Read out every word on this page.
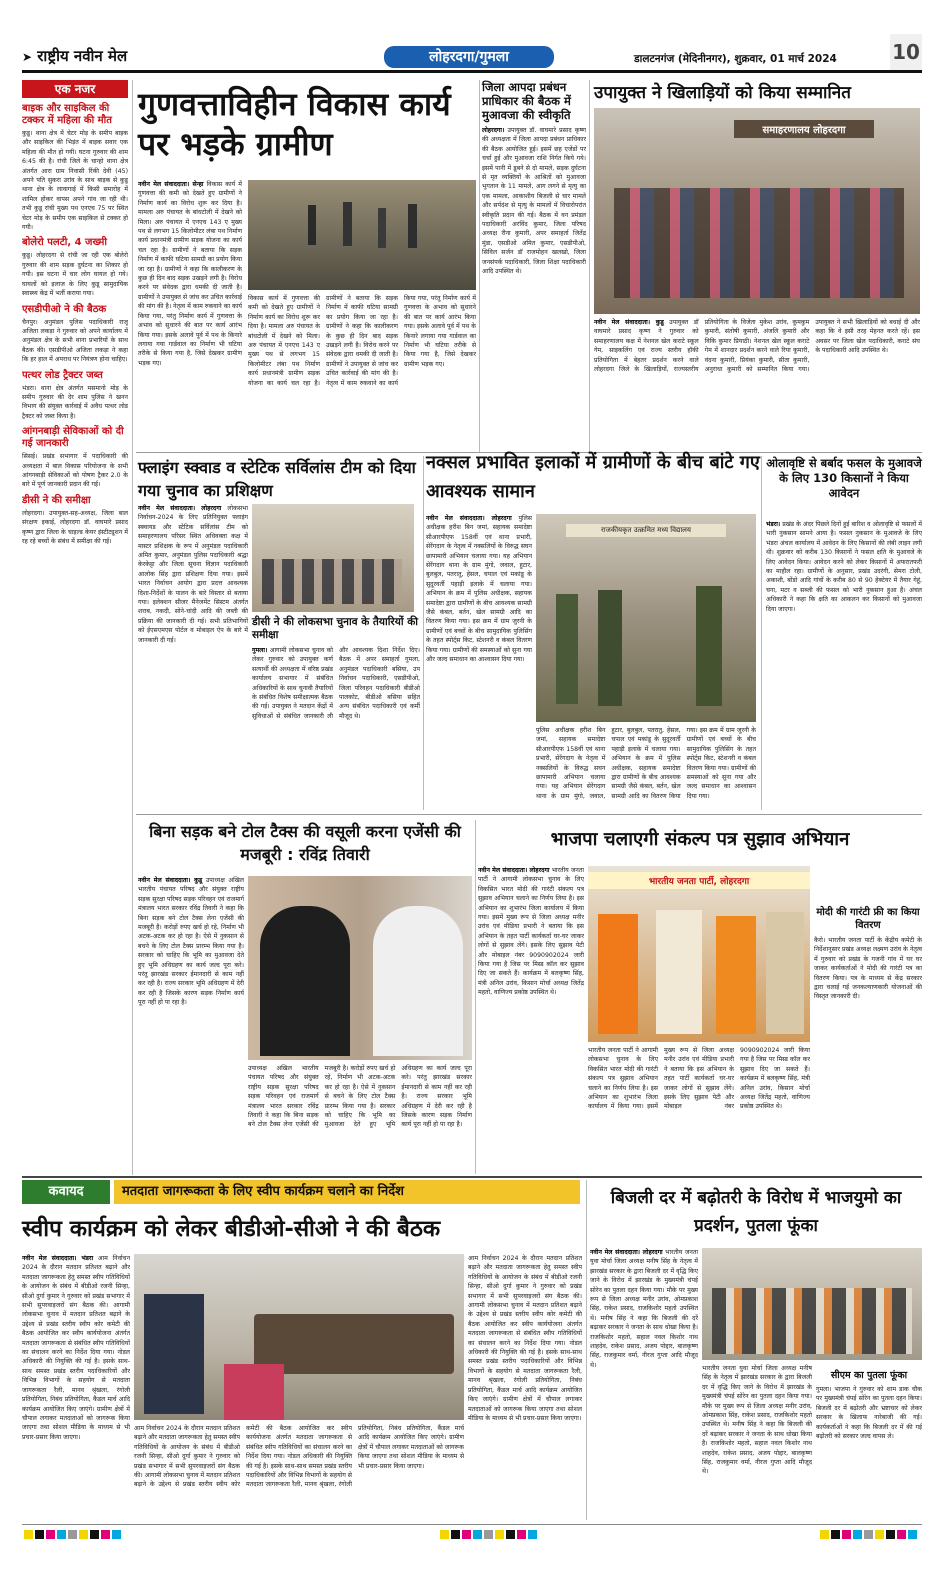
➤ राष्ट्रीय नवीन मेल	लोहरदगा/गुमला	डालटनगंज (मेदिनीनगर), शुक्रवार, 01 मार्च 2024	10
एक नजर
बाइक और साइकिल की टक्कर में महिला की मौत
कुडू। थाना क्षेत्र में चेटर मोड़ के समीप बाइक और साइकिल की भिड़ंत में बाइक सवार एक महिला की मौत हो गयी। घटना गुरुवार की शाम 6:45 की है। रांची जिले के चान्हो थाना क्षेत्र अंतर्गत आरा ग्राम निवासी रिंकी देवी (45) अपने पति सुकरा उरांव के साथ बाइक से कुडू थाना क्षेत्र के लावागाई में किसी समारोह में शामिल होकर वापस अपने गांव जा रही थी। तभी कुडू रांची मुख्य पथ एनएच 75 पर स्थित चेटर मोड़ के समीप एक साइकिल से टक्कर हो गयी।
बोलेरो पलटी, 4 जख्मी
कुडू। लोहरदगा से रांची जा रही एक बोलेरो गुरुवार की शाम सड़क दुर्घटना का शिकार हो गयी। इस घटना में चार लोग घायल हो गये। घायलों को इलाज के लिए कुडू सामुदायिक स्वास्थ्य केंद्र में भर्ती कराया गया।
एसडीपीओ ने की बैठक
चैनपुर। अनुमंडल पुलिस पदाधिकारी राजू अजिता लकड़ा ने गुरुवार को अपने कार्यालय में अनुमंडल क्षेत्र के सभी थाना प्रभारियों के साथ बैठक की। एसडीपीओ अजिता लकड़ा ने कहा कि हर हाल में अपराध पर नियंत्रण होना चाहिए।
पत्थर लोड ट्रैक्टर जब्त
भंडरा। थाना क्षेत्र अंतर्गत मसमानो मोड़ के समीप गुरुवार की देर शाम पुलिस ने खनन विभाग की संयुक्त कार्रवाई में अवैध पत्थर लोड ट्रैक्टर को जब्त किया है।
आंगनबाड़ी सेविकाओं को दी गई जानकारी
सिसई। प्रखंड सभागार में पदाधिकारी की अध्यक्षता में बाल विकास परियोजना के सभी आंगनबाड़ी सेविकाओं को पोषण ट्रैकर 2.0 के बारे में पूर्ण जानकारी प्रदान की गई।
डीसी ने की समीक्षा
लोहरदगा। उपायुक्त-सह-अध्यक्ष, जिला बाल संरक्षण इकाई, लोहरदगा डॉ. वाघमारे प्रसाद कृष्ण द्वारा जिला के चाइल्ड केयर इंस्टीट्यूशन में रह रहे बच्चों के संबंध में समीक्षा की गई।
गुणवत्ताविहीन विकास कार्य पर भड़के ग्रामीण
नवीन मेल संवाददाता। सेन्हा विकास कार्य में गुणवत्ता की कमी को देखते हुए ग्रामीणों ने निर्माण कार्य का विरोध शुरू कर दिया है। मामला अरु पंचायत के बांधटोली में देखने को मिला। अरु पंचायत में एनएच 143 ए मुख्य पथ से लगभग 15 किलोमीटर लंबा पथ निर्माण कार्य प्रधानमंत्री ग्रामीण सड़क योजना का कार्य चल रहा है। ग्रामीणों ने बताया कि सड़क निर्माण में काफी घटिया सामग्री का प्रयोग किया जा रहा है। ग्रामीणों ने कहा कि कालीकरण के कुछ ही दिन बाद सड़क उखड़ने लगी है। विरोध करने पर संवेदक द्वारा धमकी दी जाती है। ग्रामीणों ने उपायुक्त से जांच कर उचित कार्रवाई की मांग की है। नेतृत्व में काम रुकवाने का कार्य किया गया, परंतु निर्माण कार्य में गुणवत्ता के अभाव को सुधारने की बात पर कार्य आरंभ किया गया। इसके अलावे पूर्व में पथ के किनारे लगाया गया गार्डवाल का निर्माण भी घटिया तरीके से किया गया है, जिसे देखकर ग्रामीण भड़क गए।
विकास कार्य में गुणवत्ता की कमी को देखते हुए ग्रामीणों ने निर्माण कार्य का विरोध शुरू कर दिया है। मामला अरु पंचायत के बांधटोली में देखने को मिला। अरु पंचायत में एनएच 143 ए मुख्य पथ से लगभग 15 किलोमीटर लंबा पथ निर्माण कार्य प्रधानमंत्री ग्रामीण सड़क योजना का कार्य चल रहा है। ग्रामीणों ने बताया कि सड़क निर्माण में काफी घटिया सामग्री का प्रयोग किया जा रहा है। ग्रामीणों ने कहा कि कालीकरण के कुछ ही दिन बाद सड़क उखड़ने लगी है। विरोध करने पर संवेदक द्वारा धमकी दी जाती है। ग्रामीणों ने उपायुक्त से जांच कर उचित कार्रवाई की मांग की है। नेतृत्व में काम रुकवाने का कार्य किया गया, परंतु निर्माण कार्य में गुणवत्ता के अभाव को सुधारने की बात पर कार्य आरंभ किया गया। इसके अलावे पूर्व में पथ के किनारे लगाया गया गार्डवाल का निर्माण भी घटिया तरीके से किया गया है, जिसे देखकर ग्रामीण भड़क गए।
जिला आपदा प्रबंधन प्राधिकार की बैठक में मुआवजा की स्वीकृति
लोहरदगा। उपायुक्त डॉ. वाघमारे प्रसाद कृष्ण की अध्यक्षता में जिला आपदा प्रबंधन प्राधिकार की बैठक आयोजित हुई। इसमें छह एजेंडों पर चर्चा हुई और मुआवजा राशि निर्गत किये गये। इसमें पानी में डूबने से दो मामले, सड़क दुर्घटना से मृत व्यक्तियों के आश्रितों को मुआवजा भुगतान के 11 मामले, आग लगने से मृत्यु का एक मामला, आकाशीय बिजली से चार मामले और सर्पदंश से मृत्यु के मामलों में विचारोपरांत स्वीकृति प्रदान की गई। बैठक में वन प्रमंडल पदाधिकारी अरविंद कुमार, जिला परिषद अध्यक्ष रीना कुमारी, अपर समाहर्ता जितेंद्र मुंडा, एसडीओ अमित कुमार, एसडीपीओ, सिविल सर्जन डॉ राजमोहन खलखो, जिला जनसंपर्क पदाधिकारी, जिला शिक्षा पदाधिकारी आदि उपस्थित थे।
उपायुक्त ने खिलाड़ियों को किया सम्मानित
समाहरणालय लोहरदगा
नवीन मेल संवाददाता। कुडू उपायुक्त डॉ वाघमारे प्रसाद कृष्ण ने गुरुवार को समाहरणालय कक्ष में नेशनल खेल कराटे स्कूल गेम, साइकलिंग एवं राज्य स्तरीय हॉकी प्रतियोगिता में बेहतर प्रदर्शन करने वाले लोहरदगा जिले के खिलाड़ियों, राज्यस्तरीय प्रतियोगिता के विजेता मुकेश उरांव, कुमकुम कुमारी, संतोषी कुमारी, अंजलि कुमारी और विकि कुमार प्रियाठी। नेशनल खेल स्कूल कराटे गेम में शानदार प्रदर्शन करने वाले रिया कुमारी, वंदना कुमारी, प्रियंका कुमारी, सीता कुमारी, अनुराधा कुमारी को सम्मानित किया गया। उपायुक्त ने सभी खिलाड़ियों को बधाई दी और कहा कि वे इसी तरह मेहनत करते रहें। इस अवसर पर जिला खेल पदाधिकारी, कराटे संघ के पदाधिकारी आदि उपस्थित थे।
फ्लाइंग स्क्वाड व स्टेटिक सर्विलांस टीम को दिया गया चुनाव का प्रशिक्षण
नवीन मेल संवाददाता। लोहरदगा लोकसभा निर्वाचन-2024 के लिए प्रतिनियुक्त फ्लाइंग स्क्वायड और स्टेटिक सर्विलांस टीम को समाहरणालय परिसर स्थित अधिवक्ता कक्ष में मास्टर प्रशिक्षक के रूप में अनुमंडल पदाधिकारी अमित कुमार, अनुमंडल पुलिस पदाधिकारी श्रद्धा केरकेट्टा और जिला सूचना विज्ञान पदाधिकारी आलोक सिंह द्वारा प्रशिक्षण दिया गया। इसमें भारत निर्वाचन आयोग द्वारा प्रदत्त आवश्यक दिशा-निर्देशों के पालन के बारे विस्तार से बताया गया। इलेक्शन सीजर मैनेजमेंट सिस्टम अंतर्गत शराब, नकदी, सोने-चांदी आदि की जब्ती की प्रक्रिया की जानकारी दी गई। सभी प्रतिभागियों को ईएसएमएस पोर्टल व मोबाइल ऐप के बारे में जानकारी दी गई।
डीसी ने की लोकसभा चुनाव के तैयारियों की समीक्षा
गुमला। आगामी लोकसभा चुनाव को लेकर गुरुवार को उपायुक्त कर्ण सत्यार्थी की अध्यक्षता में वरिष्ठ प्रखंड कार्यालय सभागार में संबंधित अधिकारियों के साथ चुनावी तैयारियों के संबंधित विशेष समीक्षात्मक बैठक की गई। उपायुक्त ने मतदान केंद्रों में सुविधाओं से संबंधित जानकारी ली और आवश्यक दिशा निर्देश दिए। बैठक में अपर समाहर्ता गुमला, अनुमंडल पदाधिकारी बसिया, उप निर्वाचन पदाधिकारी, एसडीपीओ, जिला परिवहन पदाधिकारी बीडीओ पालकोट, बीडीओ बसिया सहित अन्य संबंधित पदाधिकारी एवं कर्मी मौजूद थे।
नक्सल प्रभावित इलाकों में ग्रामीणों के बीच बांटे गए आवश्यक सामान
नवीन मेल संवाददाता। लोहरदगा पुलिस अधीक्षक हरीश बिन जमां, सहायक समादेष्टा सीआरपीएफ 158वीं एवं थाना प्रभारी, सेरेंगदाग के नेतृत्व में नक्सलियों के विरुद्ध सघन छापामारी अभियान चलाया गया। यह अभियान सेरेंगदाग थाना के ग्राम मुंगो, जवाल, हुटार, बुलबुल, पतरातु, हेसल, चपाल एवं मकांडू के सुदूरवर्ती पहाड़ी इलाके में चलाया गया। अभियान के क्रम में पुलिस अधीक्षक, सहायक समादेष्टा द्वारा ग्रामीणों के बीच आवश्यक सामग्री जैसे कंबल, बर्तन, खेल सामग्री आदि का वितरण किया गया। इस क्रम में ग्राम जुरनी के ग्रामीणों एवं बच्चों के बीच सामुदायिक पुलिसिंग के तहत स्पोर्ट्स किट, स्टेशनरी व कंबल वितरण किया गया। ग्रामीणों की समस्याओं को सुना गया और जल्द समाधान का आश्वासन दिया गया।
राजकीयकृत उत्क्रमित मध्य विद्यालय
पुलिस अधीक्षक हरीश बिन जमां, सहायक समादेष्टा सीआरपीएफ 158वीं एवं थाना प्रभारी, सेरेंगदाग के नेतृत्व में नक्सलियों के विरुद्ध सघन छापामारी अभियान चलाया गया। यह अभियान सेरेंगदाग थाना के ग्राम मुंगो, जवाल, हुटार, बुलबुल, पतरातु, हेसल, चपाल एवं मकांडू के सुदूरवर्ती पहाड़ी इलाके में चलाया गया। अभियान के क्रम में पुलिस अधीक्षक, सहायक समादेष्टा द्वारा ग्रामीणों के बीच आवश्यक सामग्री जैसे कंबल, बर्तन, खेल सामग्री आदि का वितरण किया गया। इस क्रम में ग्राम जुरनी के ग्रामीणों एवं बच्चों के बीच सामुदायिक पुलिसिंग के तहत स्पोर्ट्स किट, स्टेशनरी व कंबल वितरण किया गया। ग्रामीणों की समस्याओं को सुना गया और जल्द समाधान का आश्वासन दिया गया।
ओलावृष्टि से बर्बाद फसल के मुआवजे के लिए 130 किसानों ने किया आवेदन
भंडरा। प्रखंड के अंदर पिछले दिनों हुई बारिश व ओलावृष्टि से फसलों में भारी नुकसान सामने आया है। फसल नुकसान के मुआवजे के लिए भंडरा अंचल कार्यालय में आवेदन के लिए किसानों की लंबी लाइन लगी थी। शुक्रवार को करीब 130 किसानों ने फसल क्षति के मुआवजे के लिए आवेदन किया। आवेदन करने को लेकर किसानों में अफरातफरी का माहौल रहा। ग्रामीणों के अनुसार, प्रखंड उदरंगी, सेमरा टोली, अकाशी, बोंडो आदि गांवों के करीब 80 से 90 हेक्टेयर में तैयार गेहूं, चना, मटर व सब्जी की फसल को भारी नुकसान हुआ है। अंचल अधिकारी ने कहा कि क्षति का आकलन कर किसानों को मुआवजा दिया जाएगा।
बिना सड़क बने टोल टैक्स की वसूली करना एजेंसी की मजबूरी : रविंद्र तिवारी
नवीन मेल संवाददाता। कुडू उपाध्यक्ष अखिल भारतीय पंचायत परिषद और संयुक्त राष्ट्रीय सड़क सुरक्षा परिषद सड़क परिवहन एवं राजमार्ग मंत्रालय भारत सरकार रविंद्र तिवारी ने कहा कि बिना सड़क बने टोल टैक्स लेना एजेंसी की मजबूरी है। करोड़ों रुपए खर्च हो रहे, निर्माण भी अटक-अटक कर हो रहा है। ऐसे में नुकसान से बचने के लिए टोल टैक्स प्रारम्भ किया गया है। सरकार को चाहिए कि भूमि का मुआवजा देते हुए भूमि अधिग्रहण का कार्य जल्द पूरा करे। परंतु झारखंड सरकार ईमानदारी से काम नहीं कर रही है। राज्य सरकार भूमि अधिग्रहण में देरी कर रही है जिसके कारण सड़क निर्माण कार्य पूरा नहीं हो पा रहा है।
उपाध्यक्ष अखिल भारतीय पंचायत परिषद और संयुक्त राष्ट्रीय सड़क सुरक्षा परिषद सड़क परिवहन एवं राजमार्ग मंत्रालय भारत सरकार रविंद्र तिवारी ने कहा कि बिना सड़क बने टोल टैक्स लेना एजेंसी की मजबूरी है। करोड़ों रुपए खर्च हो रहे, निर्माण भी अटक-अटक कर हो रहा है। ऐसे में नुकसान से बचने के लिए टोल टैक्स प्रारम्भ किया गया है। सरकार को चाहिए कि भूमि का मुआवजा देते हुए भूमि अधिग्रहण का कार्य जल्द पूरा करे। परंतु झारखंड सरकार ईमानदारी से काम नहीं कर रही है। राज्य सरकार भूमि अधिग्रहण में देरी कर रही है जिसके कारण सड़क निर्माण कार्य पूरा नहीं हो पा रहा है।
भाजपा चलाएगी संकल्प पत्र सुझाव अभियान
नवीन मेल संवाददाता। लोहरदगा भारतीय जनता पार्टी ने आगामी लोकसभा चुनाव के लिए विकसित भारत मोदी की गारंटी संकल्प पत्र सुझाव अभियान चलाने का निर्णय लिया है। इस अभियान का शुभारंभ जिला कार्यालय में किया गया। इसमें मुख्य रूप से जिला अध्यक्ष मनीर उरांव एवं मीडिया प्रभारी ने बताया कि इस अभियान के तहत पार्टी कार्यकर्ता घर-घर जाकर लोगों से सुझाव लेंगे। इसके लिए सुझाव पेटी और मोबाइल नंबर 9090902024 जारी किया गया है जिस पर मिस्ड कॉल कर सुझाव दिए जा सकते हैं। कार्यक्रम में बलकृष्ण सिंह, मंत्री अनिल उरांव, किसान मोर्चा अध्यक्ष जितेंद्र महतो, वाणिज्य प्रकोष्ठ उपस्थित थे।
भारतीय जनता पार्टी, लोहरदगा
भारतीय जनता पार्टी ने आगामी लोकसभा चुनाव के लिए विकसित भारत मोदी की गारंटी संकल्प पत्र सुझाव अभियान चलाने का निर्णय लिया है। इस अभियान का शुभारंभ जिला कार्यालय में किया गया। इसमें मुख्य रूप से जिला अध्यक्ष मनीर उरांव एवं मीडिया प्रभारी ने बताया कि इस अभियान के तहत पार्टी कार्यकर्ता घर-घर जाकर लोगों से सुझाव लेंगे। इसके लिए सुझाव पेटी और मोबाइल नंबर 9090902024 जारी किया गया है जिस पर मिस्ड कॉल कर सुझाव दिए जा सकते हैं। कार्यक्रम में बलकृष्ण सिंह, मंत्री अनिल उरांव, किसान मोर्चा अध्यक्ष जितेंद्र महतो, वाणिज्य प्रकोष्ठ उपस्थित थे।
मोदी की गारंटी फ्री का किया वितरण
कैरो। भारतीय जनता पार्टी के केंद्रीय कमेटी के निर्देशानुसार प्रखंड अध्यक्ष लक्ष्मण उरांव के नेतृत्व में गुरुवार को प्रखंड के गजनी गांव में घर घर जाकर कार्यकर्ताओं ने मोदी की गारंटी पत्र का वितरण किया। पत्र के माध्यम से केंद्र सरकार द्वारा चलाई गई जनकल्याणकारी योजनाओं की विस्तृत जानकारी दी।
कवायद	मतदाता जागरूकता के लिए स्वीप कार्यक्रम चलाने का निर्देश
स्वीप कार्यक्रम को लेकर बीडीओ-सीओ ने की बैठक
नवीन मेल संवाददाता। भंडरा आम निर्वाचन 2024 के दौरान मतदान प्रतिशत बढ़ाने और मतदाता जागरूकता हेतु समस्त स्वीप गतिविधियों के आयोजन के संबंध में बीडीओ रजनी सिन्हा, सीओ दुर्गा कुमार ने गुरुवार को प्रखंड सभागार में सभी सुपरवाइजरों संग बैठक की। आगामी लोकसभा चुनाव में मतदान प्रतिशत बढ़ाने के उद्देश्य से प्रखंड स्तरीय स्वीप कोर कमेटी की बैठक आयोजित कर स्वीप कार्ययोजना अंतर्गत मतदाता जागरूकता से संबंधित स्वीप गतिविधियों का संचालन करने का निर्देश दिया गया। नोडल अधिकारी की नियुक्ति की गई है। इसके साथ-साथ समस्त प्रखंड स्तरीय पदाधिकारियों और विभिन्न विभागों के सहयोग से मतदाता जागरूकता रैली, मानव श्रृंखला, रंगोली प्रतियोगिता, निबंध प्रतियोगिता, कैंडल मार्च आदि कार्यक्रम आयोजित किए जाएंगे। ग्रामीण क्षेत्रों में चौपाल लगाकर मतदाताओं को जागरूक किया जाएगा तथा सोशल मीडिया के माध्यम से भी प्रचार-प्रसार किया जाएगा।
आम निर्वाचन 2024 के दौरान मतदान प्रतिशत बढ़ाने और मतदाता जागरूकता हेतु समस्त स्वीप गतिविधियों के आयोजन के संबंध में बीडीओ रजनी सिन्हा, सीओ दुर्गा कुमार ने गुरुवार को प्रखंड सभागार में सभी सुपरवाइजरों संग बैठक की। आगामी लोकसभा चुनाव में मतदान प्रतिशत बढ़ाने के उद्देश्य से प्रखंड स्तरीय स्वीप कोर कमेटी की बैठक आयोजित कर स्वीप कार्ययोजना अंतर्गत मतदाता जागरूकता से संबंधित स्वीप गतिविधियों का संचालन करने का निर्देश दिया गया। नोडल अधिकारी की नियुक्ति की गई है। इसके साथ-साथ समस्त प्रखंड स्तरीय पदाधिकारियों और विभिन्न विभागों के सहयोग से मतदाता जागरूकता रैली, मानव श्रृंखला, रंगोली प्रतियोगिता, निबंध प्रतियोगिता, कैंडल मार्च आदि कार्यक्रम आयोजित किए जाएंगे। ग्रामीण क्षेत्रों में चौपाल लगाकर मतदाताओं को जागरूक किया जाएगा तथा सोशल मीडिया के माध्यम से भी प्रचार-प्रसार किया जाएगा।
आम निर्वाचन 2024 के दौरान मतदान प्रतिशत बढ़ाने और मतदाता जागरूकता हेतु समस्त स्वीप गतिविधियों के आयोजन के संबंध में बीडीओ रजनी सिन्हा, सीओ दुर्गा कुमार ने गुरुवार को प्रखंड सभागार में सभी सुपरवाइजरों संग बैठक की। आगामी लोकसभा चुनाव में मतदान प्रतिशत बढ़ाने के उद्देश्य से प्रखंड स्तरीय स्वीप कोर कमेटी की बैठक आयोजित कर स्वीप कार्ययोजना अंतर्गत मतदाता जागरूकता से संबंधित स्वीप गतिविधियों का संचालन करने का निर्देश दिया गया। नोडल अधिकारी की नियुक्ति की गई है। इसके साथ-साथ समस्त प्रखंड स्तरीय पदाधिकारियों और विभिन्न विभागों के सहयोग से मतदाता जागरूकता रैली, मानव श्रृंखला, रंगोली प्रतियोगिता, निबंध प्रतियोगिता, कैंडल मार्च आदि कार्यक्रम आयोजित किए जाएंगे। ग्रामीण क्षेत्रों में चौपाल लगाकर मतदाताओं को जागरूक किया जाएगा तथा सोशल मीडिया के माध्यम से भी प्रचार-प्रसार किया जाएगा।
बिजली दर में बढ़ोतरी के विरोध में भाजयुमो का प्रदर्शन, पुतला फूंका
नवीन मेल संवाददाता। लोहरदगा भारतीय जनता युवा मोर्चा जिला अध्यक्ष मनीष सिंह के नेतृत्व में झारखंड सरकार के द्वारा बिजली दर में वृद्धि किए जाने के विरोध में झारखंड के मुख्यमंत्री चंपई सोरेन का पुतला दहन किया गया। मौके पर मुख्य रूप से जिला अध्यक्ष मनीर उरांव, ओमप्रकाश सिंह, राकेश प्रसाद, राजकिशोर महतो उपस्थित थे। मनीष सिंह ने कहा कि बिजली की दरें बढ़ाकर सरकार ने जनता के साथ धोखा किया है। राजकिशोर महतो, सहाल नवल किशोर नाथ शाहदेव, राकेश प्रसाद, अजय पोद्दार, बालकृष्ण सिंह, राजकुमार वर्मा, नीरज गुप्ता आदि मौजूद थे।	भारतीय जनता युवा मोर्चा जिला अध्यक्ष मनीष सिंह के नेतृत्व में झारखंड सरकार के द्वारा बिजली दर में वृद्धि किए जाने के विरोध में झारखंड के मुख्यमंत्री चंपई सोरेन का पुतला दहन किया गया। मौके पर मुख्य रूप से जिला अध्यक्ष मनीर उरांव, ओमप्रकाश सिंह, राकेश प्रसाद, राजकिशोर महतो उपस्थित थे। मनीष सिंह ने कहा कि बिजली की दरें बढ़ाकर सरकार ने जनता के साथ धोखा किया है। राजकिशोर महतो, सहाल नवल किशोर नाथ शाहदेव, राकेश प्रसाद, अजय पोद्दार, बालकृष्ण सिंह, राजकुमार वर्मा, नीरज गुप्ता आदि मौजूद थे।
सीएम का पुतला फूंका
गुमला। भाजपा ने गुरुवार को शाम डाक चौक पर मुख्यमंत्री चंपई सोरेन का पुतला दहन किया। बिजली दर में बढ़ोतरी और भ्रष्टाचार को लेकर सरकार के खिलाफ नारेबाजी की गई। कार्यकर्ताओं ने कहा कि बिजली दर में की गई बढ़ोतरी को सरकार जल्द वापस ले।
